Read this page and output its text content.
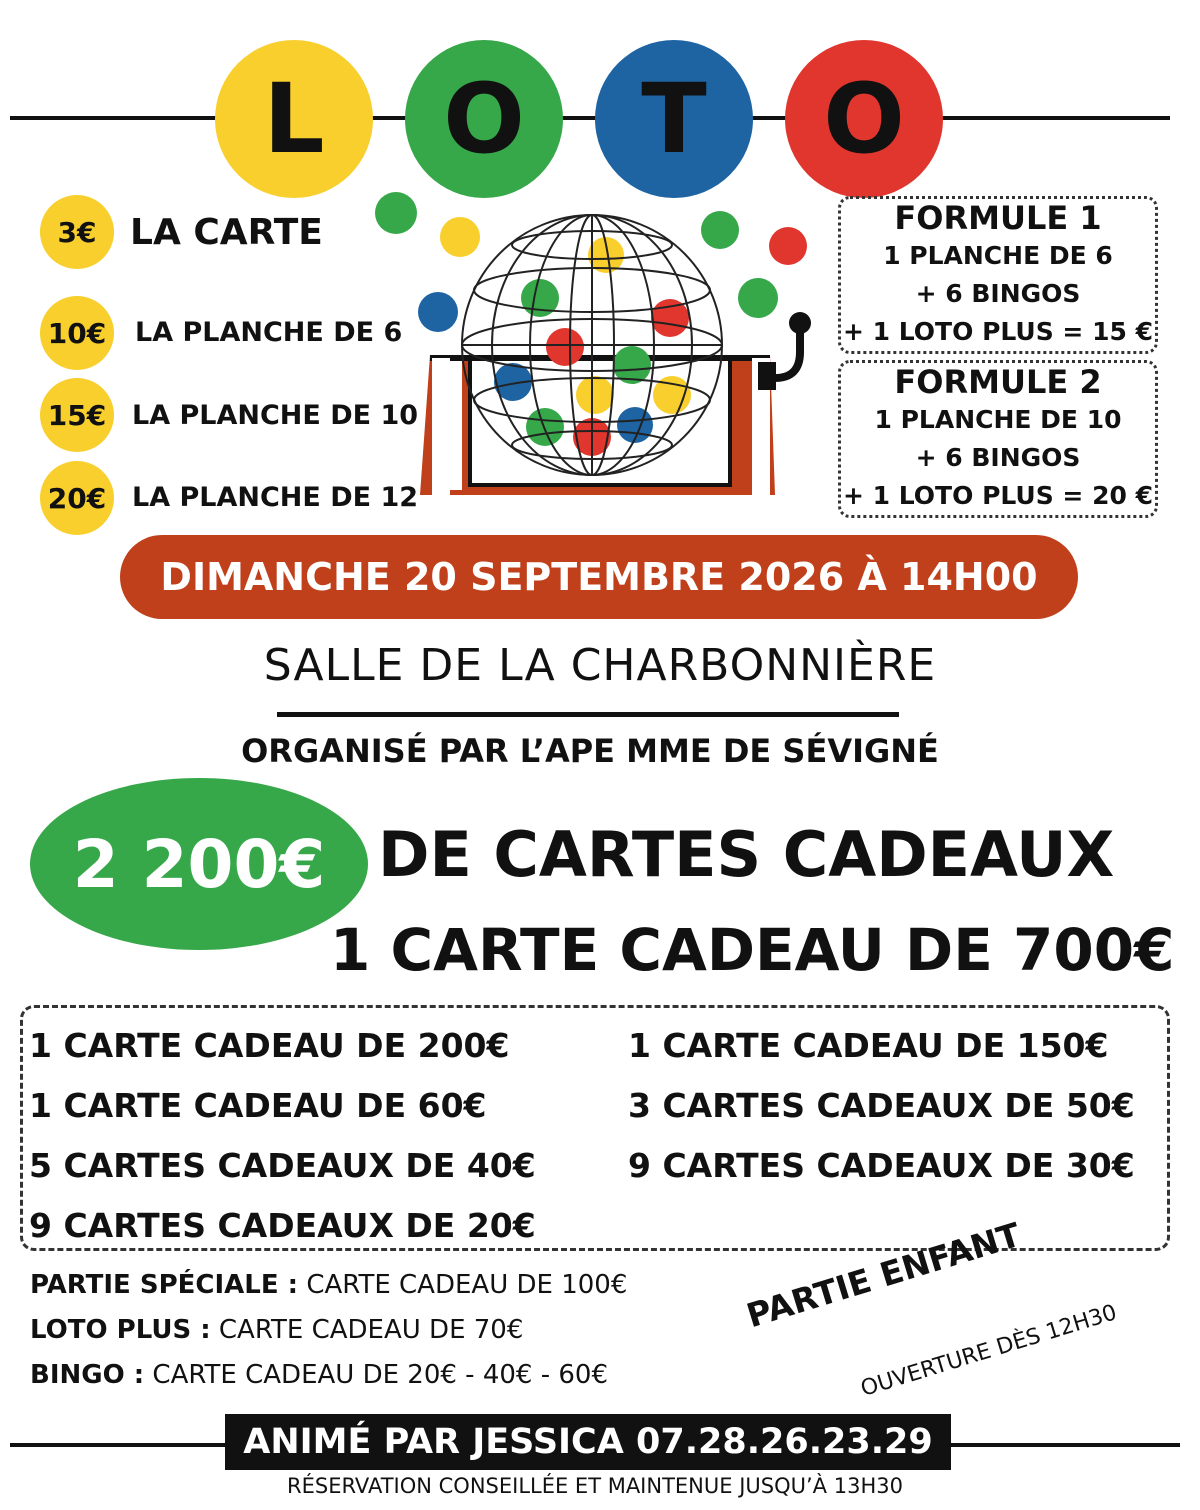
L O T O
3€ LA CARTE
10€ LA PLANCHE DE 6
15€ LA PLANCHE DE 10
20€ LA PLANCHE DE 12
FORMULE 1
1 PLANCHE DE 6
+ 6 BINGOS
+ 1 LOTO PLUS = 15 €
FORMULE 2
1 PLANCHE DE 10
+ 6 BINGOS
+ 1 LOTO PLUS = 20 €
DIMANCHE 20 SEPTEMBRE 2026 À 14H00
SALLE DE LA CHARBONNIÈRE
ORGANISÉ PAR L’APE MME DE SÉVIGNÉ
2 200€ DE CARTES CADEAUX
1 CARTE CADEAU DE 700€
1 CARTE CADEAU DE 200€
1 CARTE CADEAU DE 60€
5 CARTES CADEAUX DE 40€
9 CARTES CADEAUX DE 20€
1 CARTE CADEAU DE 150€
3 CARTES CADEAUX DE 50€
9 CARTES CADEAUX DE 30€
PARTIE SPÉCIALE : CARTE CADEAU DE 100€
LOTO PLUS : CARTE CADEAU DE 70€
BINGO : CARTE CADEAU DE 20€ - 40€ - 60€
PARTIE ENFANT
OUVERTURE DÈS 12H30
ANIMÉ PAR JESSICA 07.28.26.23.29
RÉSERVATION CONSEILLÉE ET MAINTENUE JUSQU’À 13H30
